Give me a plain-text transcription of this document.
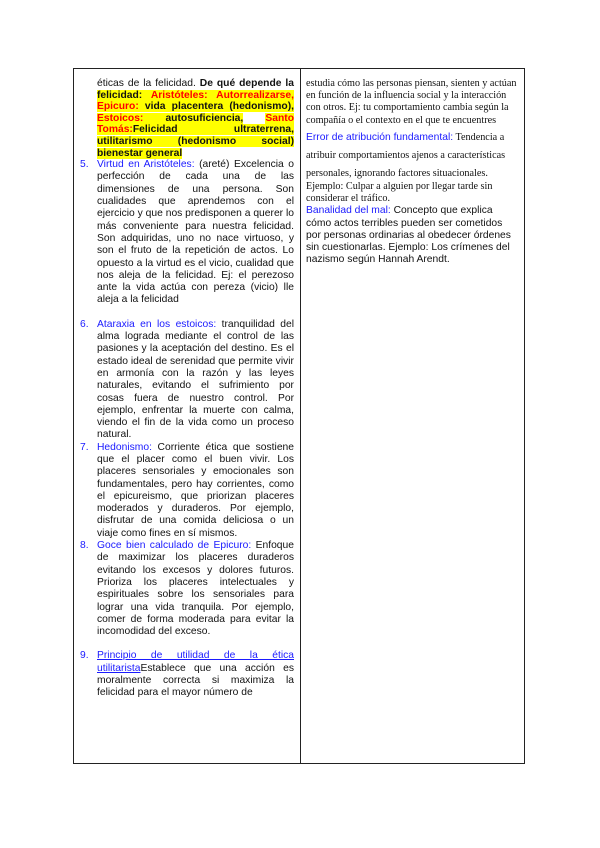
éticas de la felicidad. De qué depende la felicidad: Aristóteles: Autorrealizarse, Epicuro: vida placentera (hedonismo), Estoicos: autosuficiencia, Santo Tomás:Felicidad ultraterrena, utilitarismo (hedonismo social) bienestar general
5. Virtud en Aristóteles: (areté) Excelencia o perfección de cada una de las dimensiones de una persona. Son cualidades que aprendemos con el ejercicio y que nos predisponen a querer lo más conveniente para nuestra felicidad. Son adquiridas, uno no nace virtuoso, y son el fruto de la repetición de actos. Lo opuesto a la virtud es el vicio, cualidad que nos aleja de la felicidad. Ej: el perezoso ante la vida actúa con pereza (vicio) lle aleja a la felicidad
6. Ataraxia en los estoicos: tranquilidad del alma lograda mediante el control de las pasiones y la aceptación del destino. Es el estado ideal de serenidad que permite vivir en armonía con la razón y las leyes naturales, evitando el sufrimiento por cosas fuera de nuestro control. Por ejemplo, enfrentar la muerte con calma, viendo el fin de la vida como un proceso natural.
7. Hedonismo: Corriente ética que sostiene que el placer como el buen vivir. Los placeres sensoriales y emocionales son fundamentales, pero hay corrientes, como el epicureismo, que priorizan placeres moderados y duraderos. Por ejemplo, disfrutar de una comida deliciosa o un viaje como fines en sí mismos.
8. Goce bien calculado de Epicuro: Enfoque de maximizar los placeres duraderos evitando los excesos y dolores futuros. Prioriza los placeres intelectuales y espirituales sobre los sensoriales para lograr una vida tranquila. Por ejemplo, comer de forma moderada para evitar la incomodidad del exceso.
9. Principio de utilidad de la ética utilitaristaEstablece que una acción es moralmente correcta si maximiza la felicidad para el mayor número de

estudia cómo las personas piensan, sienten y actúan en función de la influencia social y la interacción con otros. Ej: tu comportamiento cambia según la compañía o el contexto en el que te encuentres

Error de atribución fundamental: Tendencia a atribuir comportamientos ajenos a características personales, ignorando factores situacionales.

Ejemplo: Culpar a alguien por llegar tarde sin considerar el tráfico.

Banalidad del mal: Concepto que explica cómo actos terribles pueden ser cometidos por personas ordinarias al obedecer órdenes sin cuestionarlas. Ejemplo: Los crímenes del nazismo según Hannah Arendt.
